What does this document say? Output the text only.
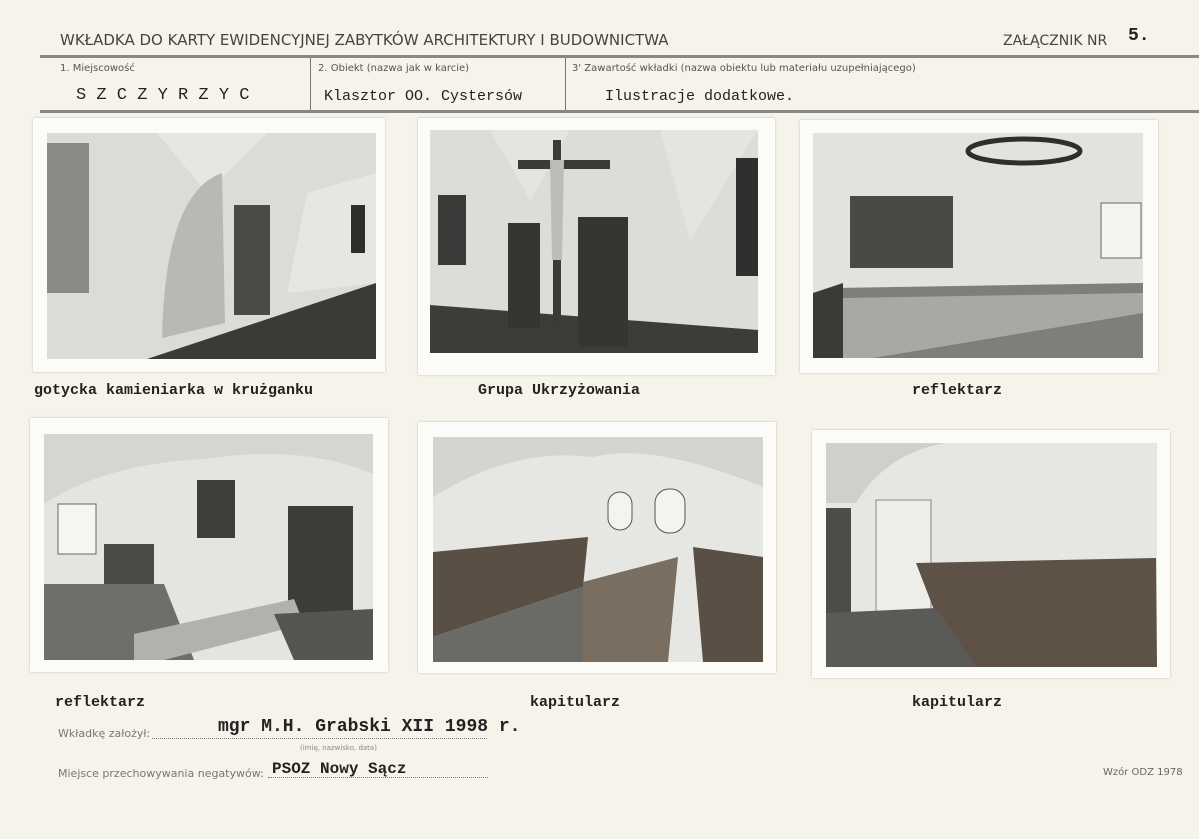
WKŁADKA DO KARTY EWIDENCYJNEJ ZABYTKÓW ARCHITEKTURY I BUDOWNICTWA	ZAŁĄCZNIK NR 5.
1. Miejscowość
S Z C Z Y R Z Y C
2. Obiekt (nazwa jak w karcie)
Klasztor OO. Cystersów
3' Zawartość wkładki (nazwa obiektu lub materiału uzupełniającego)
Ilustracje dodatkowe.
gotycka kamieniarka w krużganku	Grupa Ukrzyżowania	reflektarz
reflektarz	kapitularz	kapitularz
Wkładkę założył:	mgr M.H. Grabski XII 1998 r.
(imię, nazwisko, data)
Miejsce przechowywania negatywów: PSOZ Nowy Sącz	Wzór ODZ 1978
